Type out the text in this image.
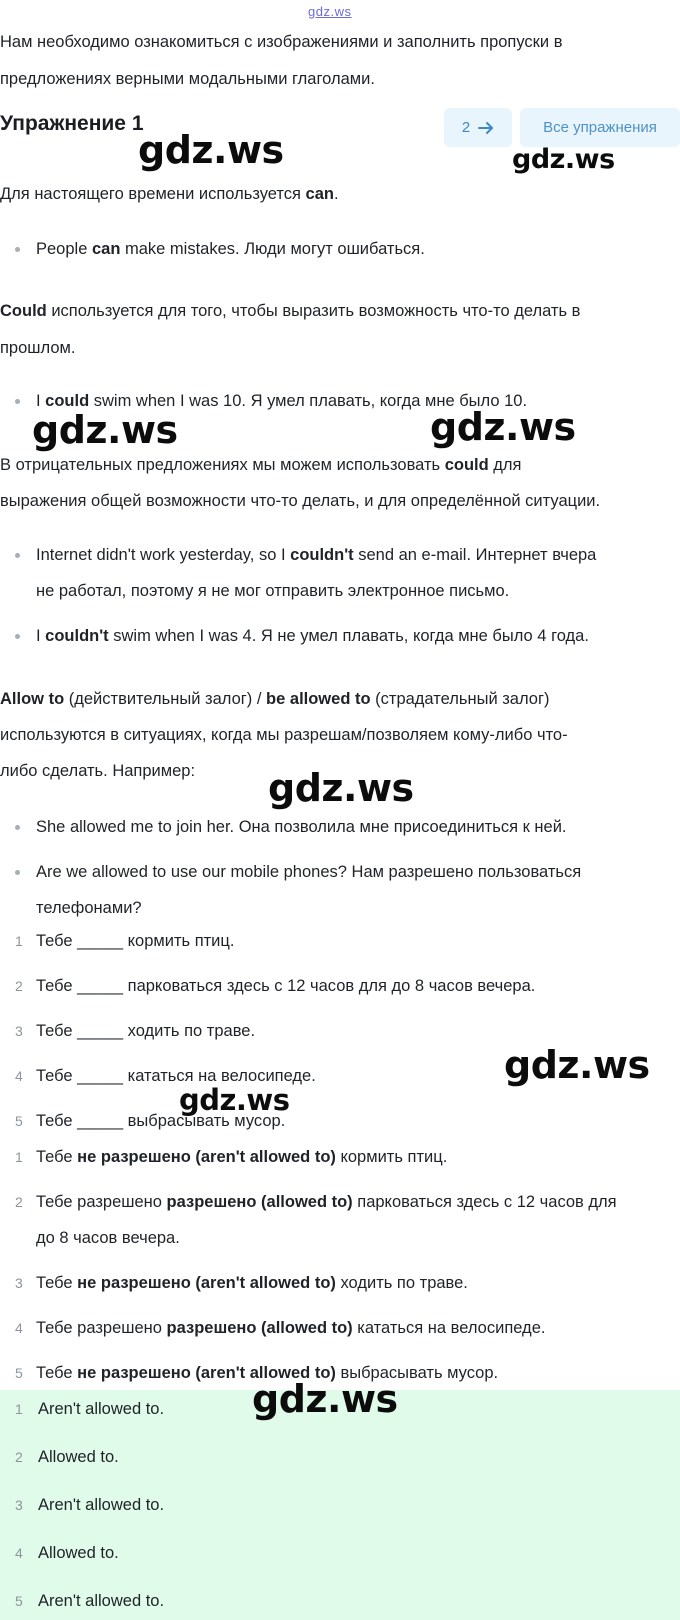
gdz.ws
Нам необходимо ознакомиться с изображениями и заполнить пропуски в
предложениях верными модальными глаголами.
Упражнение 1	2	Все упражнения
Для настоящего времени используется can.
People can make mistakes. Люди могут ошибаться.
Could используется для того, чтобы выразить возможность что-то делать в
прошлом.
I could swim when I was 10. Я умел плавать, когда мне было 10.
В отрицательных предложениях мы можем использовать could для
выражения общей возможности что-то делать, и для определённой ситуации.
Internet didn't work yesterday, so I couldn't send an e-mail. Интернет вчера
не работал, поэтому я не мог отправить электронное письмо.
I couldn't swim when I was 4. Я не умел плавать, когда мне было 4 года.
Allow to (действительный залог) / be allowed to (страдательный залог)
используются в ситуациях, когда мы разрешам/позволяем кому-либо что-
либо сделать. Например:
She allowed me to join her. Она позволила мне присоединиться к ней.
Are we allowed to use our mobile phones? Нам разрешено пользоваться
телефонами?
1 Тебе _____ кормить птиц.
2 Тебе _____ парковаться здесь с 12 часов для до 8 часов вечера.
3 Тебе _____ ходить по траве.
4 Тебе _____ кататься на велосипеде.
5 Тебе _____ выбрасывать мусор.
1 Тебе не разрешено (aren't allowed to) кормить птиц.
2 Тебе разрешено разрешено (allowed to) парковаться здесь с 12 часов для
до 8 часов вечера.
3 Тебе не разрешено (aren't allowed to) ходить по траве.
4 Тебе разрешено разрешено (allowed to) кататься на велосипеде.
5 Тебе не разрешено (aren't allowed to) выбрасывать мусор.
1 Aren't allowed to.
2 Allowed to.
3 Aren't allowed to.
4 Allowed to.
5 Aren't allowed to.
gdz.ws	gdz.ws
gdz.ws	gdz.ws
gdz.ws
gdz.ws
gdz.ws
gdz.ws
